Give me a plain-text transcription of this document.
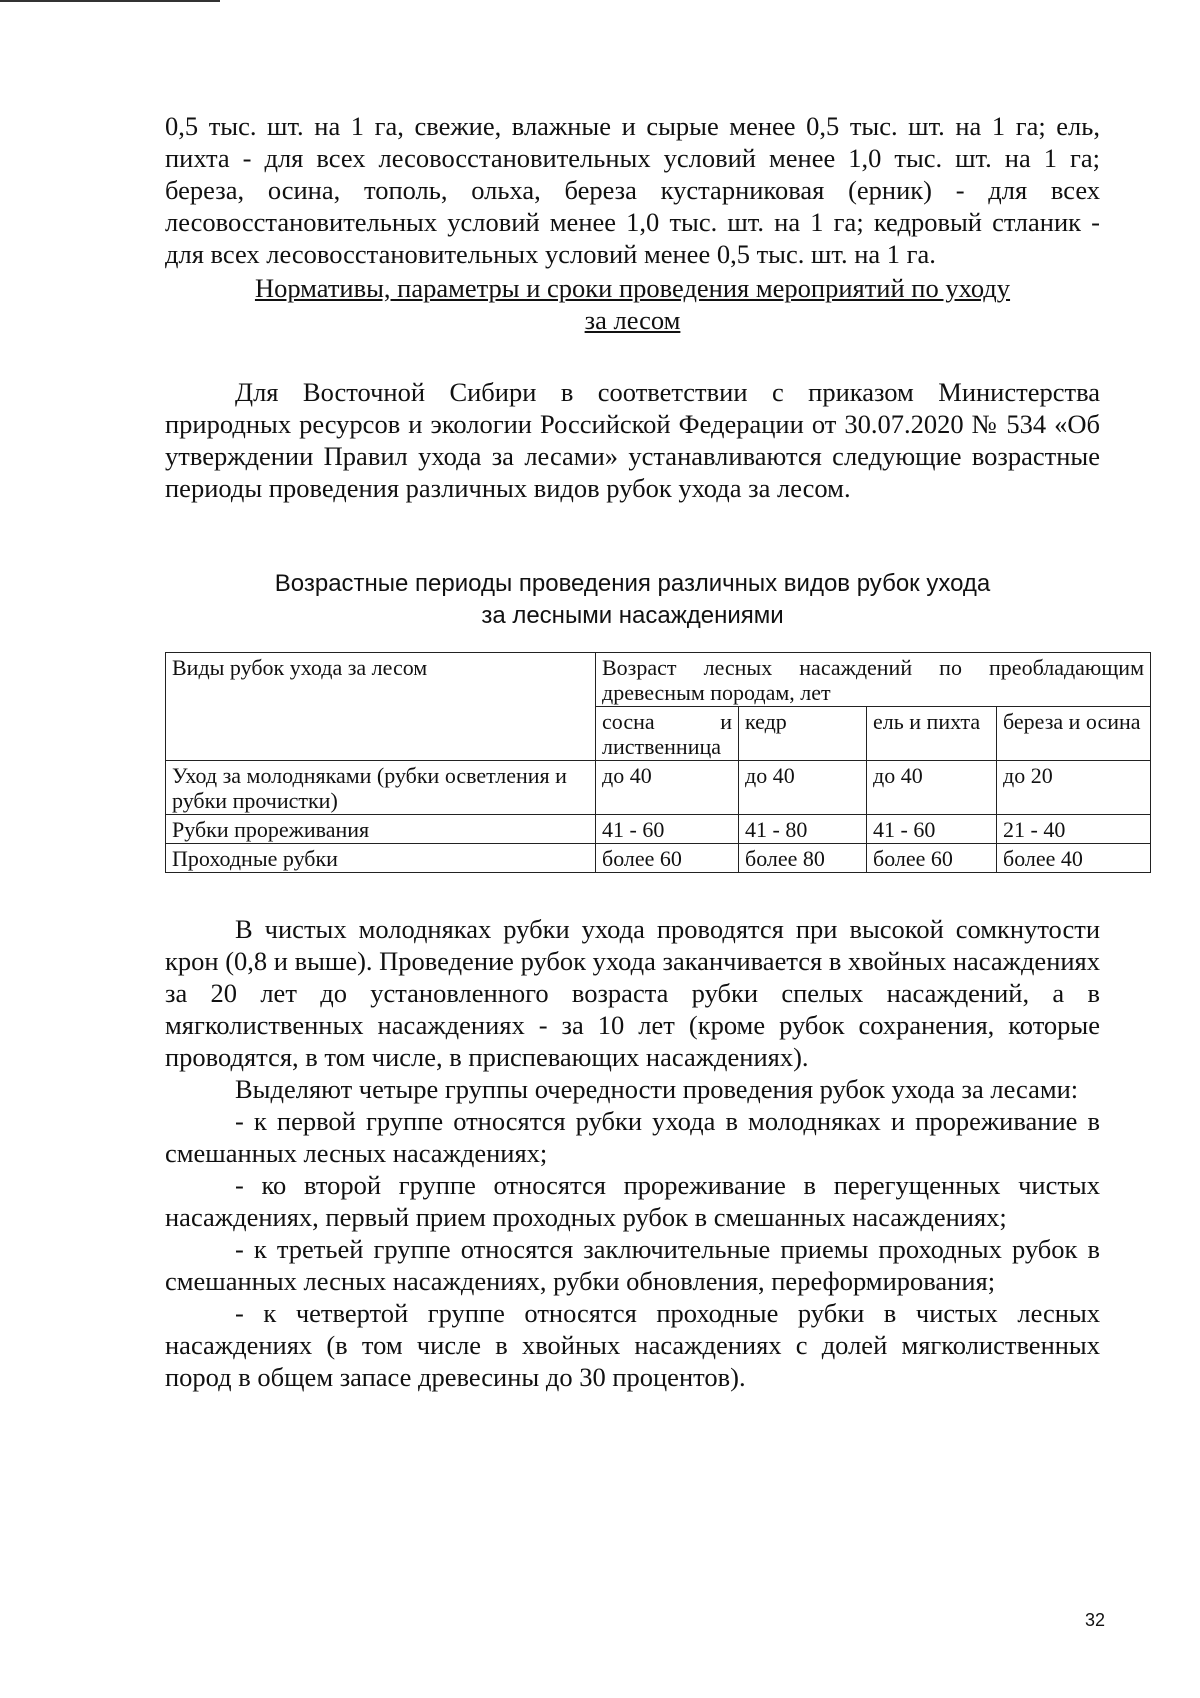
0,5 тыс. шт. на 1 га, свежие, влажные и сырые менее 0,5 тыс. шт. на 1 га; ель, пихта - для всех лесовосстановительных условий менее 1,0 тыс. шт. на 1 га; береза, осина, тополь, ольха, береза кустарниковая (ерник) - для всех лесовосстановительных условий менее 1,0 тыс. шт. на 1 га; кедровый стланик - для всех лесовосстановительных условий менее 0,5 тыс. шт. на 1 га.

Нормативы, параметры и сроки проведения мероприятий по уходу
за лесом

Для Восточной Сибири в соответствии с приказом Министерства природных ресурсов и экологии Российской Федерации от 30.07.2020 № 534 «Об утверждении Правил ухода за лесами» устанавливаются следующие возрастные периоды проведения различных видов рубок ухода за лесом.

Возрастные периоды проведения различных видов рубок ухода
за лесными насаждениями
Виды рубок ухода за лесом	Возраст лесных насаждений по преобладающим древесным породам, лет			
	сосна и лиственница	кедр	ель и пихта	береза и осина
Уход за молодняками (рубки осветления и рубки прочистки)	до 40	до 40	до 40	до 20
Рубки прореживания	41 - 60	41 - 80	41 - 60	21 - 40
Проходные рубки	более 60	более 80	более 60	более 40

В чистых молодняках рубки ухода проводятся при высокой сомкнутости крон (0,8 и выше). Проведение рубок ухода заканчивается в хвойных насаждениях за 20 лет до установленного возраста рубки спелых насаждений, а в мягколиственных насаждениях - за 10 лет (кроме рубок сохранения, которые проводятся, в том числе, в приспевающих насаждениях).

Выделяют четыре группы очередности проведения рубок ухода за лесами:

- к первой группе относятся рубки ухода в молодняках и прореживание в смешанных лесных насаждениях;

- ко второй группе относятся прореживание в перегущенных чистых насаждениях, первый прием проходных рубок в смешанных насаждениях;

- к третьей группе относятся заключительные приемы проходных рубок в смешанных лесных насаждениях, рубки обновления, переформирования;

- к четвертой группе относятся проходные рубки в чистых лесных насаждениях (в том числе в хвойных насаждениях с долей мягколиственных пород в общем запасе древесины до 30 процентов).

32
